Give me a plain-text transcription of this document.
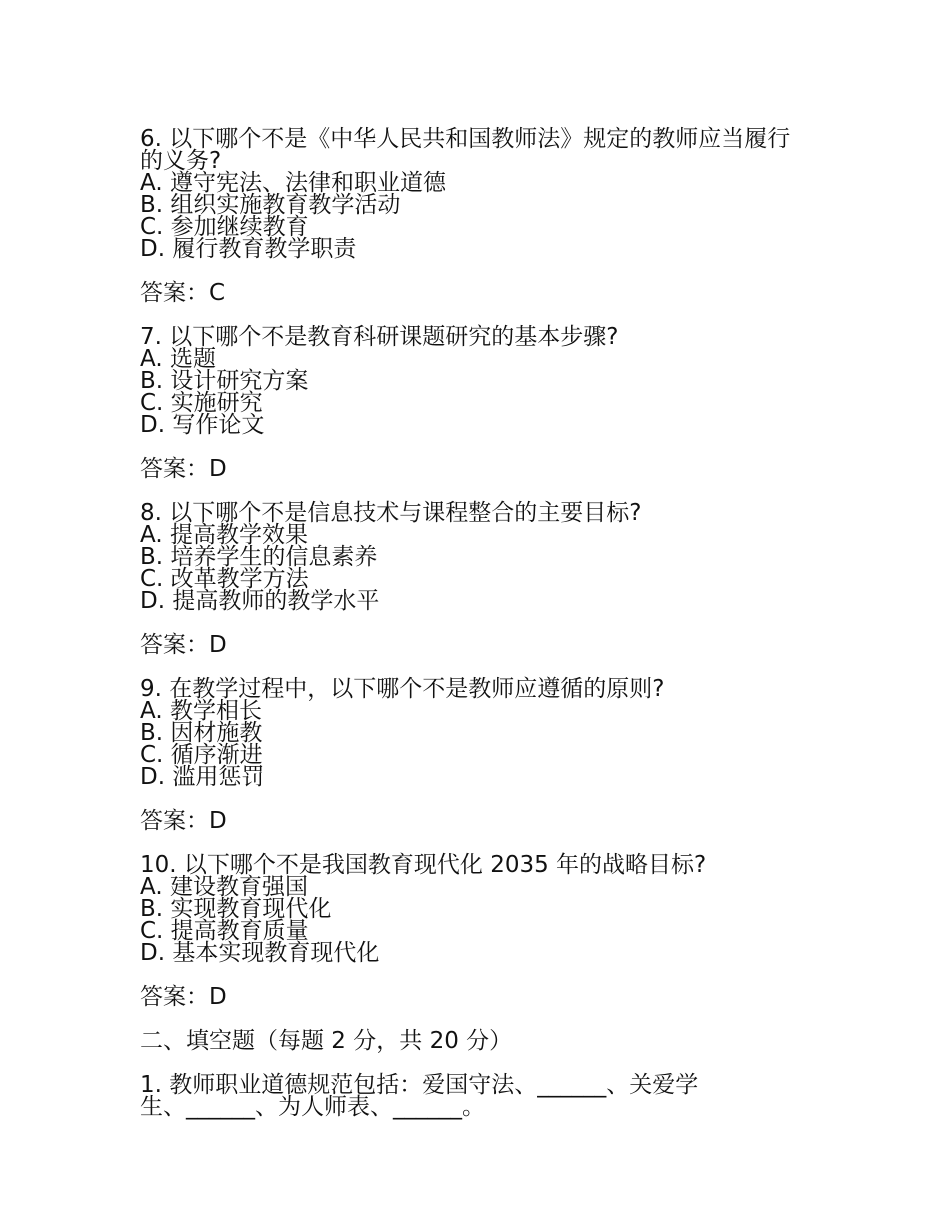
6. 以下哪个不是《中华人民共和国教师法》规定的教师应当履行的义务?
A. 遵守宪法、法律和职业道德
B. 组织实施教育教学活动
C. 参加继续教育
D. 履行教育教学职责
答案：C
7. 以下哪个不是教育科研课题研究的基本步骤?
A. 选题
B. 设计研究方案
C. 实施研究
D. 写作论文
答案：D
8. 以下哪个不是信息技术与课程整合的主要目标?
A. 提高教学效果
B. 培养学生的信息素养
C. 改革教学方法
D. 提高教师的教学水平
答案：D
9. 在教学过程中，以下哪个不是教师应遵循的原则?
A. 教学相长
B. 因材施教
C. 循序渐进
D. 滥用惩罚
答案：D
10. 以下哪个不是我国教育现代化 2035 年的战略目标?
A. 建设教育强国
B. 实现教育现代化
C. 提高教育质量
D. 基本实现教育现代化
答案：D
二、填空题（每题 2 分，共 20 分）
1. 教师职业道德规范包括：爱国守法、______、关爱学生、______、为人师表、______。
